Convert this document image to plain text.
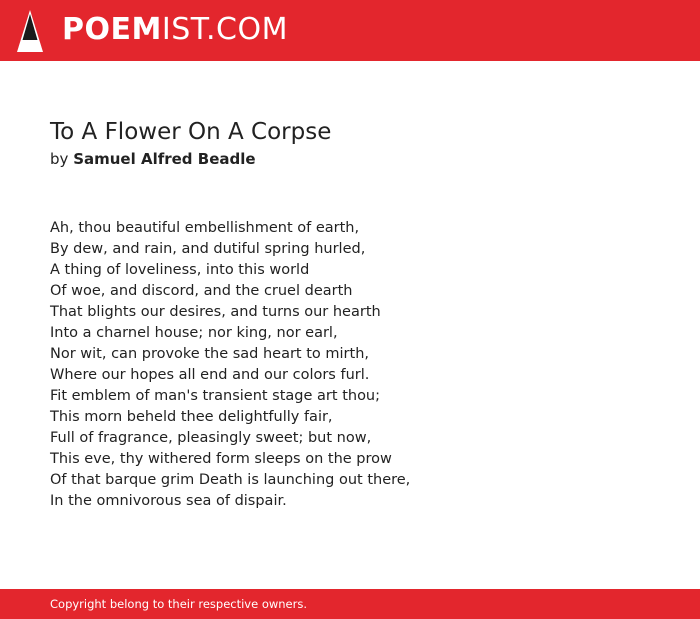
POEMIST.COM
To A Flower On A Corpse
by Samuel Alfred Beadle
Ah, thou beautiful embellishment of earth,
By dew, and rain, and dutiful spring hurled,
A thing of loveliness, into this world
Of woe, and discord, and the cruel dearth
That blights our desires, and turns our hearth
Into a charnel house; nor king, nor earl,
Nor wit, can provoke the sad heart to mirth,
Where our hopes all end and our colors furl.
Fit emblem of man's transient stage art thou;
This morn beheld thee delightfully fair,
Full of fragrance, pleasingly sweet; but now,
This eve, thy withered form sleeps on the prow
Of that barque grim Death is launching out there,
In the omnivorous sea of dispair.
Copyright belong to their respective owners.
